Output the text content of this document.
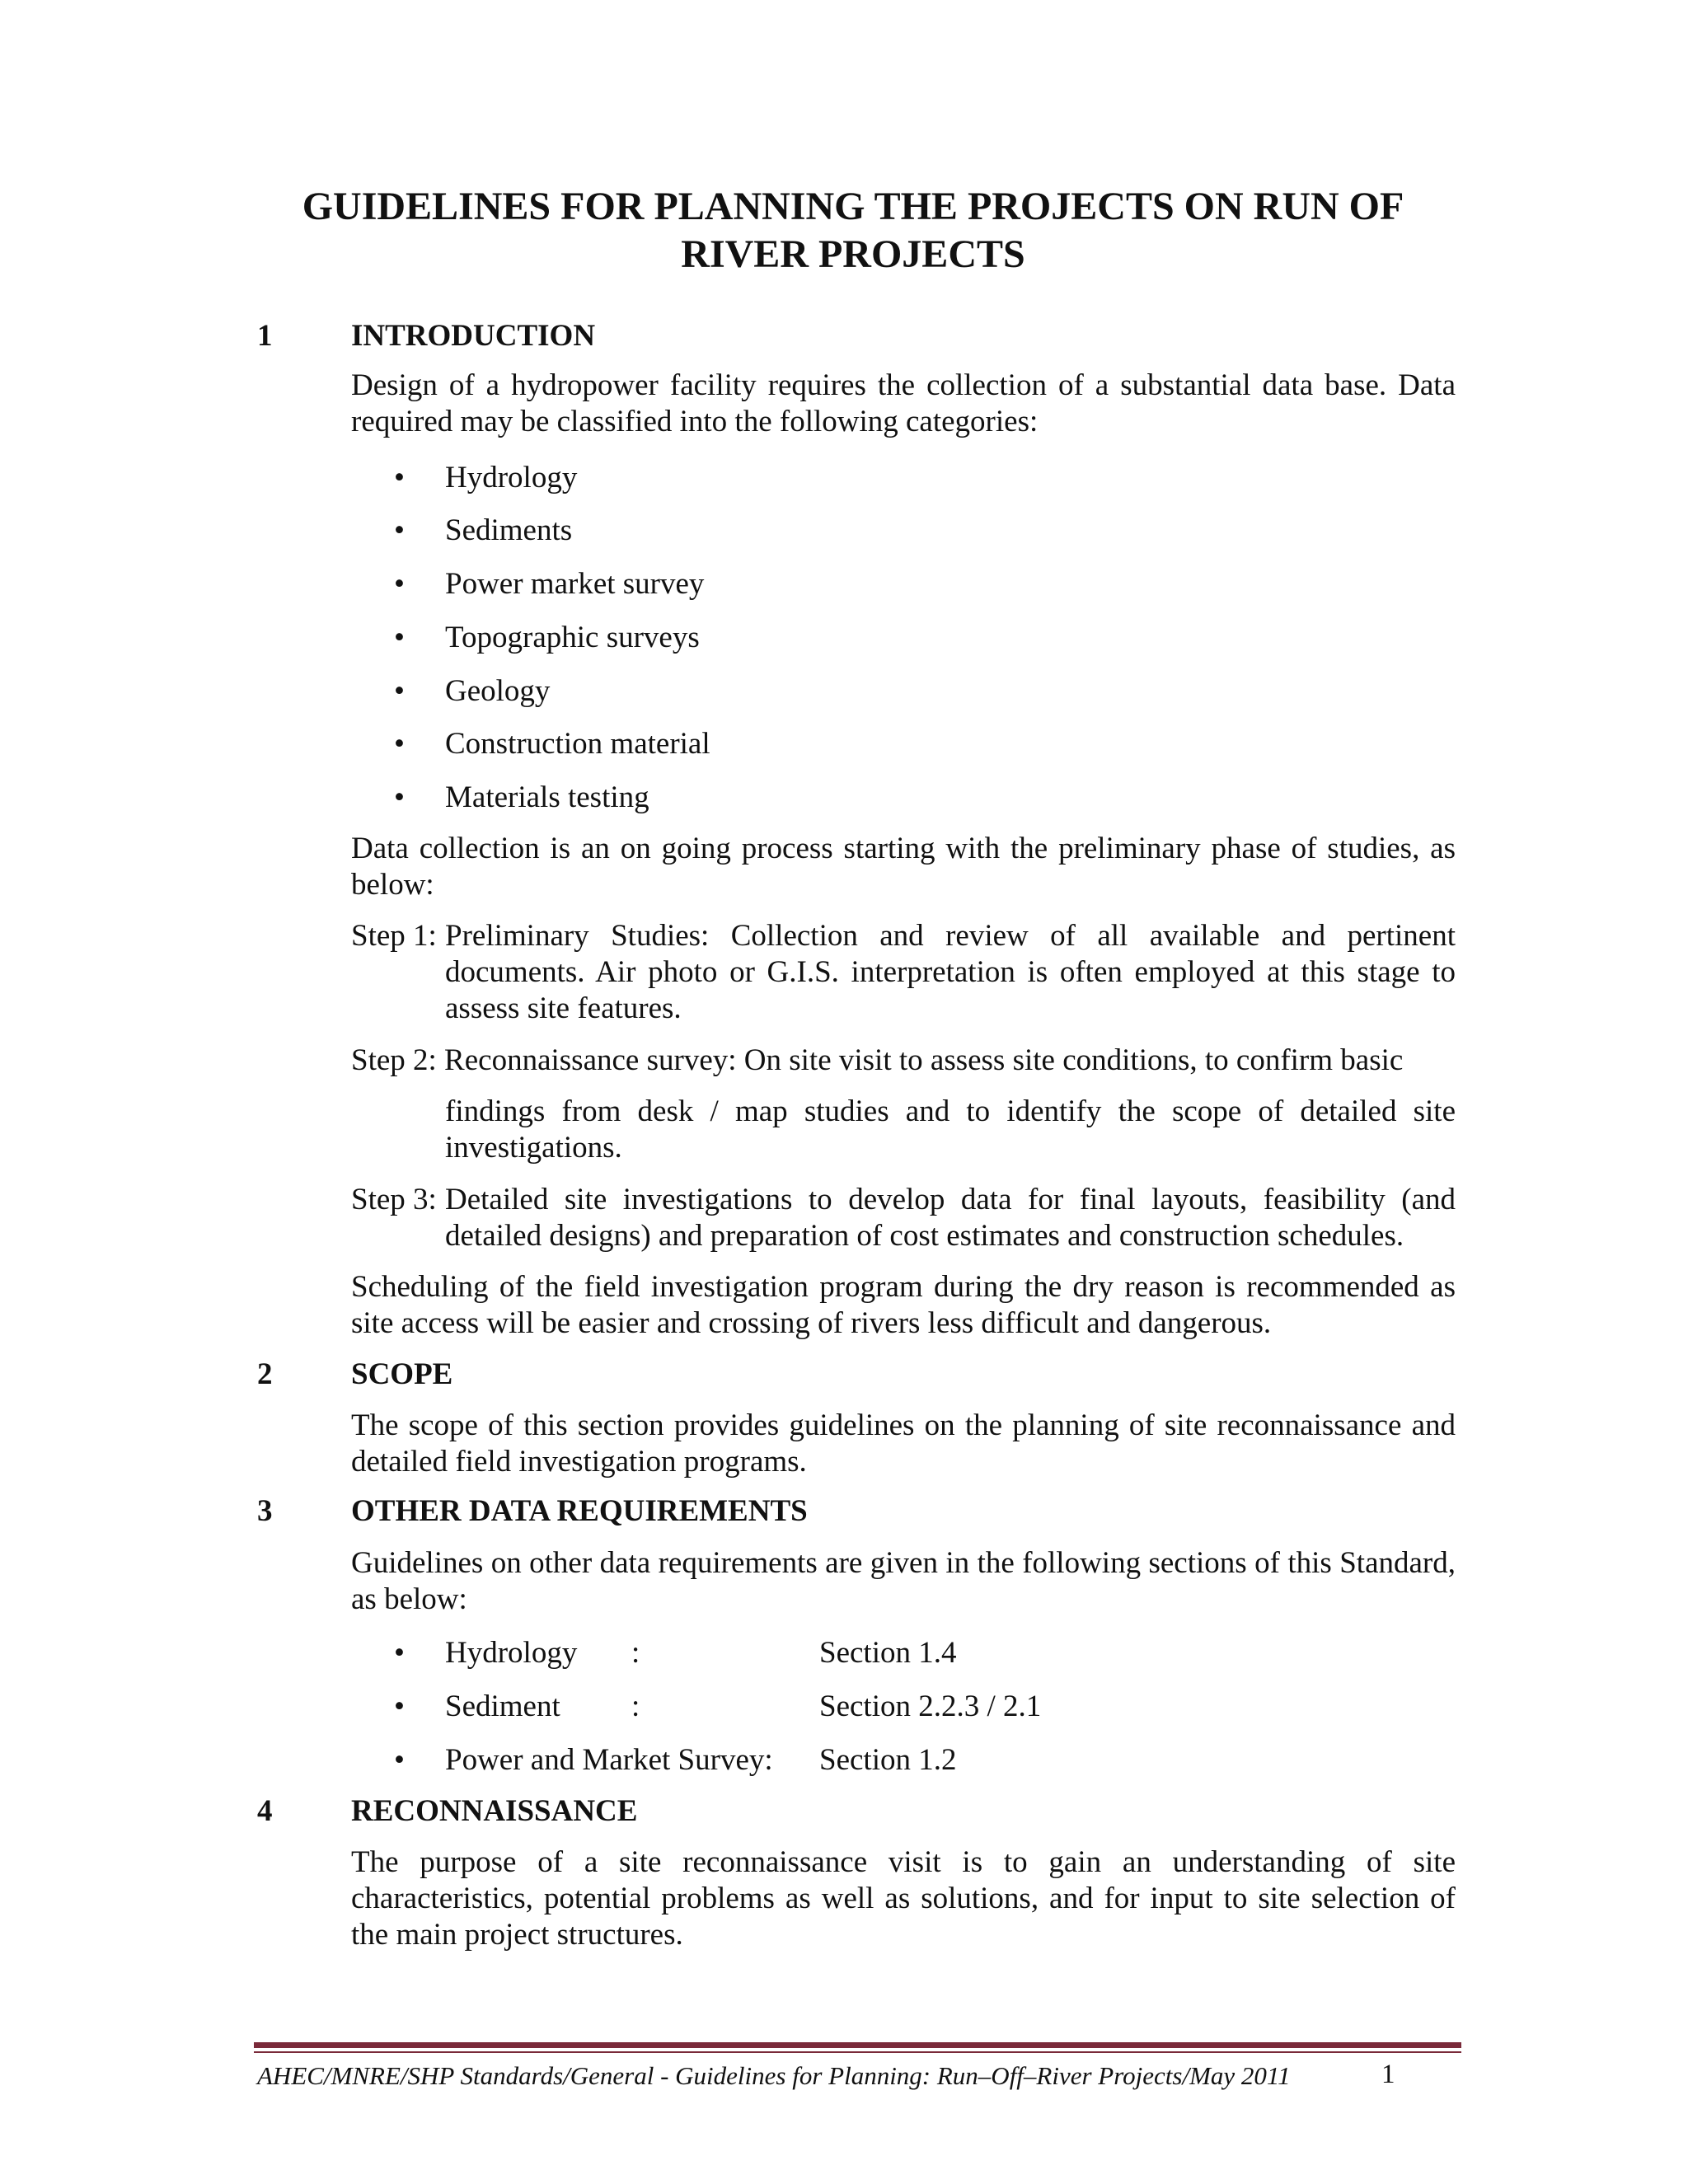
GUIDELINES FOR PLANNING THE PROJECTS ON RUN OF RIVER PROJECTS
1	INTRODUCTION

Design of a hydropower facility requires the collection of a substantial data base. Data required may be classified into the following categories:

• Hydrology
• Sediments
• Power market survey
• Topographic surveys
• Geology
• Construction material
• Materials testing

Data collection is an on going process starting with the preliminary phase of studies, as below:

Step 1: Preliminary Studies: Collection and review of all available and pertinent documents. Air photo or G.I.S. interpretation is often employed at this stage to assess site features.

Step 2: Reconnaissance survey: On site visit to assess site conditions, to confirm basic

findings from desk / map studies and to identify the scope of detailed site investigations.

Step 3: Detailed site investigations to develop data for final layouts, feasibility (and detailed designs) and preparation of cost estimates and construction schedules.

Scheduling of the field investigation program during the dry reason is recommended as site access will be easier and crossing of rivers less difficult and dangerous.

2	SCOPE

The scope of this section provides guidelines on the planning of site reconnaissance and detailed field investigation programs.

3	OTHER DATA REQUIREMENTS

Guidelines on other data requirements are given in the following sections of this Standard, as below:

• Hydrology :	Section 1.4
• Sediment :	Section 2.2.3 / 2.1
• Power and Market Survey: Section 1.2
4	RECONNAISSANCE

The purpose of a site reconnaissance visit is to gain an understanding of site characteristics, potential problems as well as solutions, and for input to site selection of the main project structures.

AHEC/MNRE/SHP Standards/General - Guidelines for Planning: Run–Off–River Projects/May 2011	1
